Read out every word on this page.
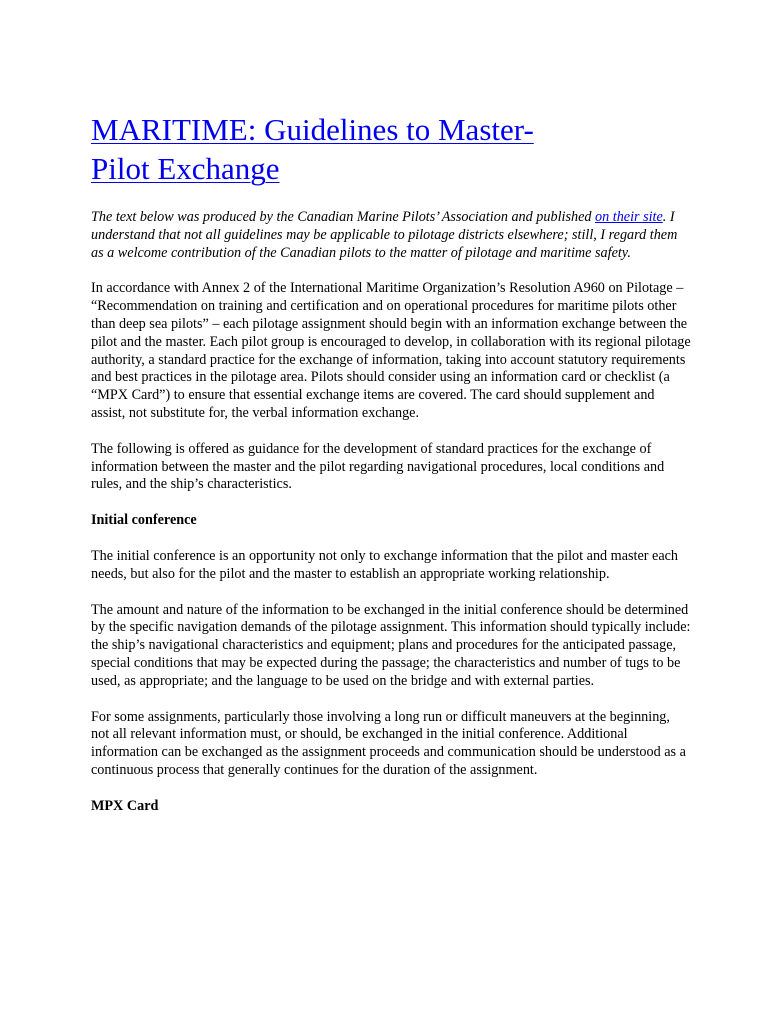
MARITIME: Guidelines to Master-Pilot Exchange

The text below was produced by the Canadian Marine Pilots’ Association and published on their site. I understand that not all guidelines may be applicable to pilotage districts elsewhere; still, I regard them as a welcome contribution of the Canadian pilots to the matter of pilotage and maritime safety.

In accordance with Annex 2 of the International Maritime Organization’s Resolution A960 on Pilotage – “Recommendation on training and certification and on operational procedures for maritime pilots other than deep sea pilots” – each pilotage assignment should begin with an information exchange between the pilot and the master. Each pilot group is encouraged to develop, in collaboration with its regional pilotage authority, a standard practice for the exchange of information, taking into account statutory requirements and best practices in the pilotage area. Pilots should consider using an information card or checklist (a “MPX Card”) to ensure that essential exchange items are covered. The card should supplement and assist, not substitute for, the verbal information exchange.

The following is offered as guidance for the development of standard practices for the exchange of information between the master and the pilot regarding navigational procedures, local conditions and rules, and the ship’s characteristics.

Initial conference

The initial conference is an opportunity not only to exchange information that the pilot and master each needs, but also for the pilot and the master to establish an appropriate working relationship.

The amount and nature of the information to be exchanged in the initial conference should be determined by the specific navigation demands of the pilotage assignment. This information should typically include: the ship’s navigational characteristics and equipment; plans and procedures for the anticipated passage, special conditions that may be expected during the passage; the characteristics and number of tugs to be used, as appropriate; and the language to be used on the bridge and with external parties.

For some assignments, particularly those involving a long run or difficult maneuvers at the beginning, not all relevant information must, or should, be exchanged in the initial conference. Additional information can be exchanged as the assignment proceeds and communication should be understood as a continuous process that generally continues for the duration of the assignment.

MPX Card
